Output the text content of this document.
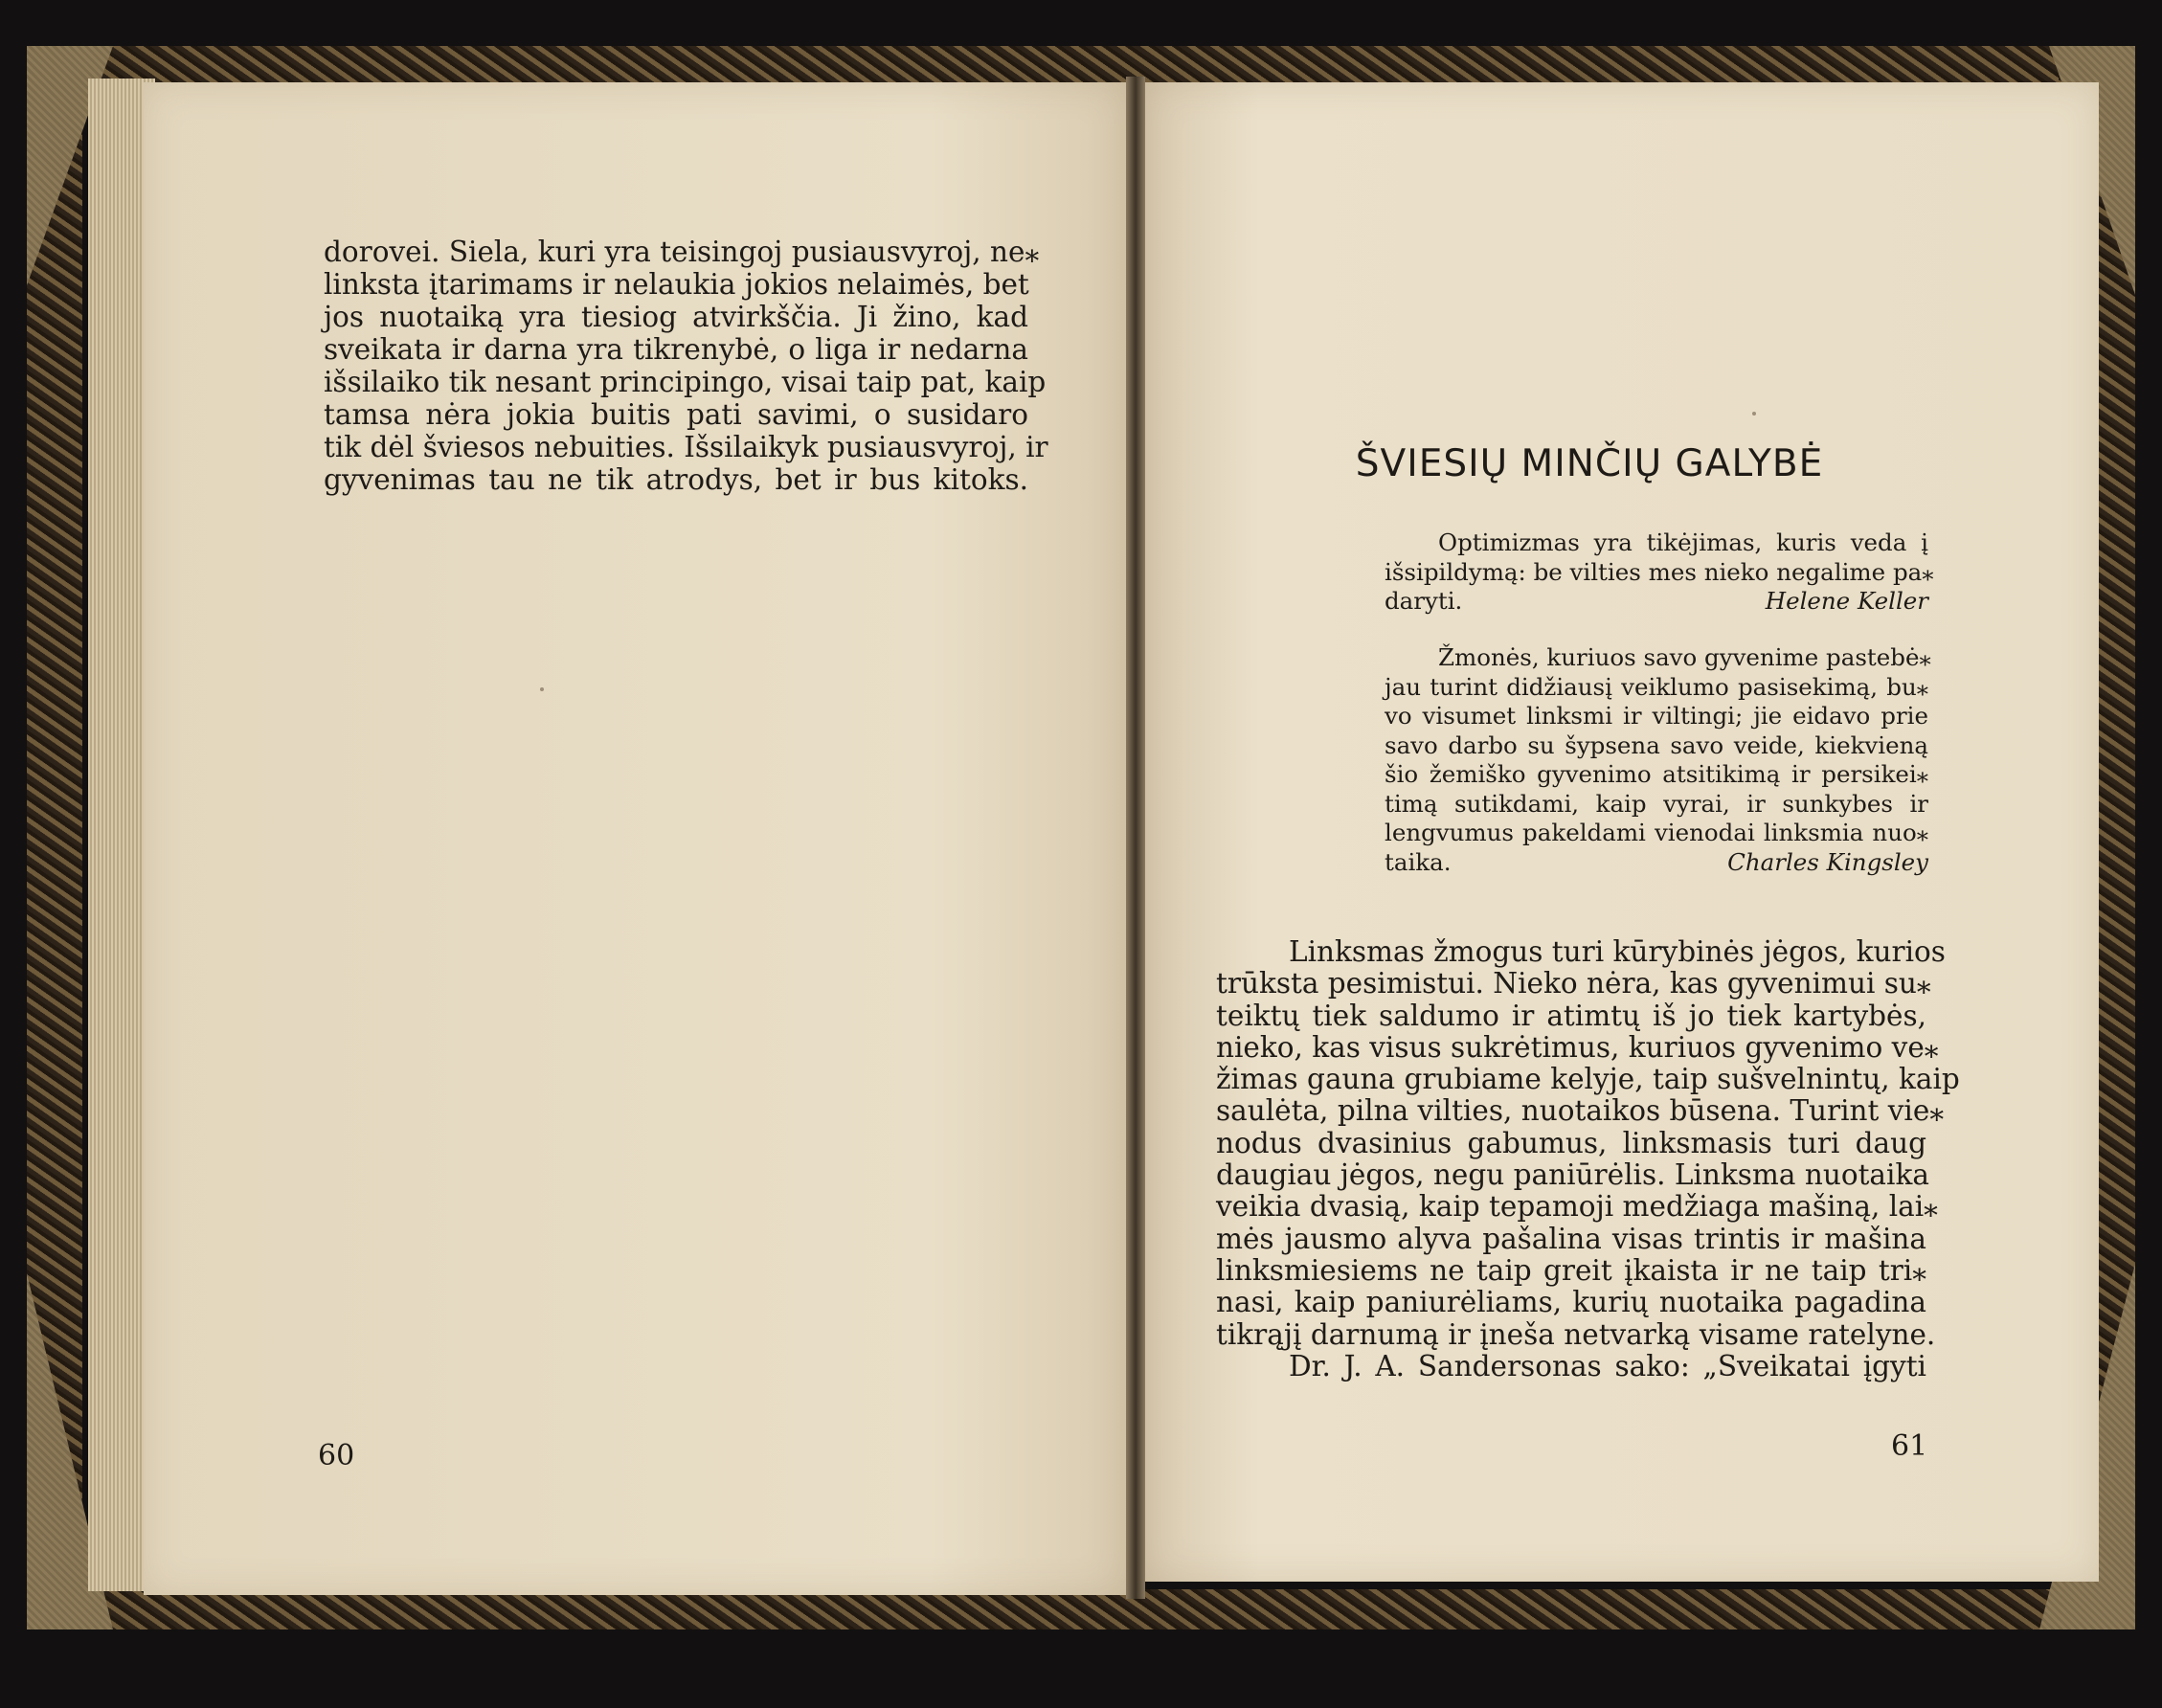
dorovei. Siela, kuri yra teisingoj pusiausvyroj, ne⁎
linksta įtarimams ir nelaukia jokios nelaimės, bet
jos nuotaiką yra tiesiog atvirkščia. Ji žino, kad
sveikata ir darna yra tikrenybė, o liga ir nedarna
išsilaiko tik nesant principingo, visai taip pat, kaip
tamsa nėra jokia buitis pati savimi, o susidaro
tik dėl šviesos nebuities. Išsilaikyk pusiausvyroj, ir
gyvenimas tau ne tik atrodys, bet ir bus kitoks.
60
ŠVIESIŲ MINČIŲ GALYBĖ
Optimizmas yra tikėjimas, kuris veda į
išsipildymą: be vilties mes nieko negalime pa⁎
daryti.	Helene Keller
Žmonės, kuriuos savo gyvenime pastebė⁎
jau turint didžiausį veiklumo pasisekimą, bu⁎
vo visumet linksmi ir viltingi; jie eidavo prie
savo darbo su šypsena savo veide, kiekvieną
šio žemiško gyvenimo atsitikimą ir persikei⁎
timą sutikdami, kaip vyrai, ir sunkybes ir
lengvumus pakeldami vienodai linksmia nuo⁎
taika.	Charles Kingsley
Linksmas žmogus turi kūrybinės jėgos, kurios
trūksta pesimistui. Nieko nėra, kas gyvenimui su⁎
teiktų tiek saldumo ir atimtų iš jo tiek kartybės,
nieko, kas visus sukrėtimus, kuriuos gyvenimo ve⁎
žimas gauna grubiame kelyje, taip sušvelnintų, kaip
saulėta, pilna vilties, nuotaikos būsena. Turint vie⁎
nodus dvasinius gabumus, linksmasis turi daug
daugiau jėgos, negu paniūrėlis. Linksma nuotaika
veikia dvasią, kaip tepamoji medžiaga mašiną, lai⁎
mės jausmo alyva pašalina visas trintis ir mašina
linksmiesiems ne taip greit įkaista ir ne taip tri⁎
nasi, kaip paniurėliams, kurių nuotaika pagadina
tikrąjį darnumą ir įneša netvarką visame ratelyne.
Dr. J. A. Sandersonas sako: „Sveikatai įgyti
61
